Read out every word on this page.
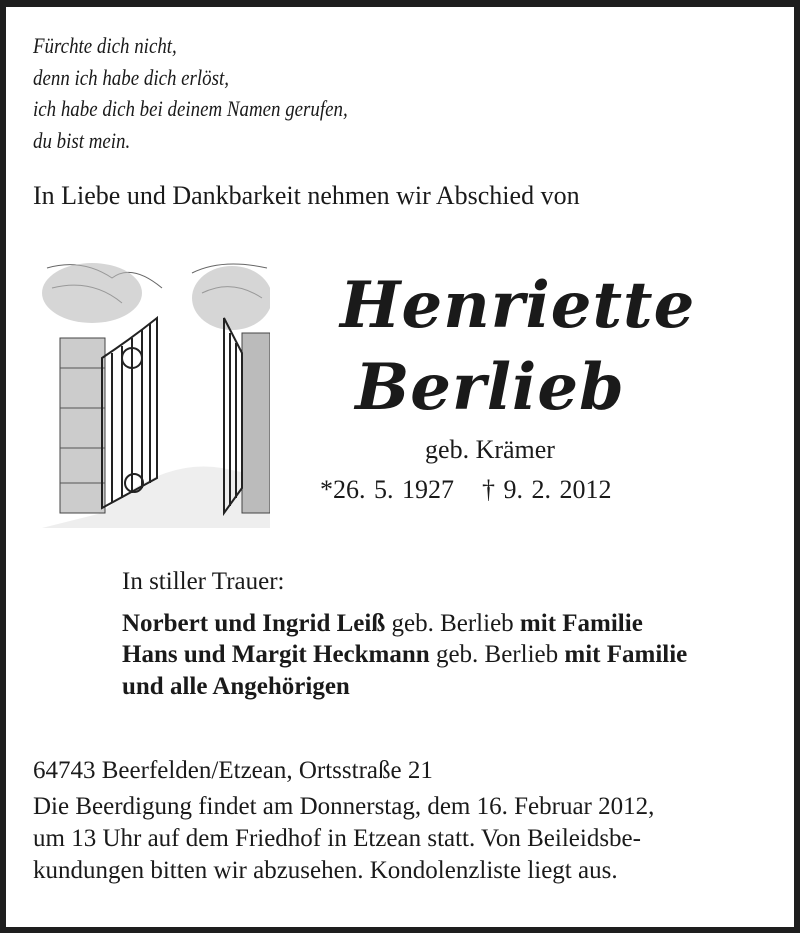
Fürchte dich nicht,
denn ich habe dich erlöst,
ich habe dich bei deinem Namen gerufen,
du bist mein.
In Liebe und Dankbarkeit nehmen wir Abschied von
Henriette
Berlieb
geb. Krämer
*26. 5. 1927 † 9. 2. 2012
In stiller Trauer:
Norbert und Ingrid Leiß geb. Berlieb mit Familie
Hans und Margit Heckmann geb. Berlieb mit Familie
und alle Angehörigen
64743 Beerfelden/Etzean, Ortsstraße 21
Die Beerdigung findet am Donnerstag, dem 16. Februar 2012,
um 13 Uhr auf dem Friedhof in Etzean statt. Von Beileidsbe-
kundungen bitten wir abzusehen. Kondolenzliste liegt aus.
